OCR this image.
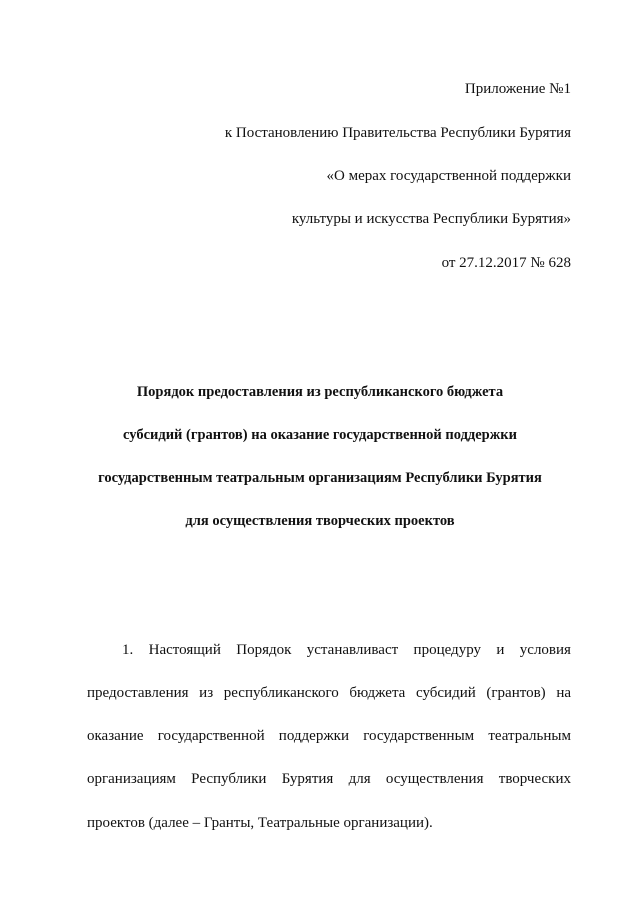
Приложение №1
к Постановлению Правительства Республики Бурятия
«О мерах государственной поддержки
культуры и искусства Республики Бурятия»
от 27.12.2017 № 628
Порядок предоставления из республиканского бюджета
субсидий (грантов) на оказание государственной поддержки
государственным театральным организациям Республики Бурятия
для осуществления творческих проектов
1. Настоящий Порядок устанавливаст процедуру и условия
предоставления из республиканского бюджета субсидий (грантов) на
оказание государственной поддержки государственным театральным
организациям Республики Бурятия для осуществления творческих
проектов (далее – Гранты, Театральные организации).
